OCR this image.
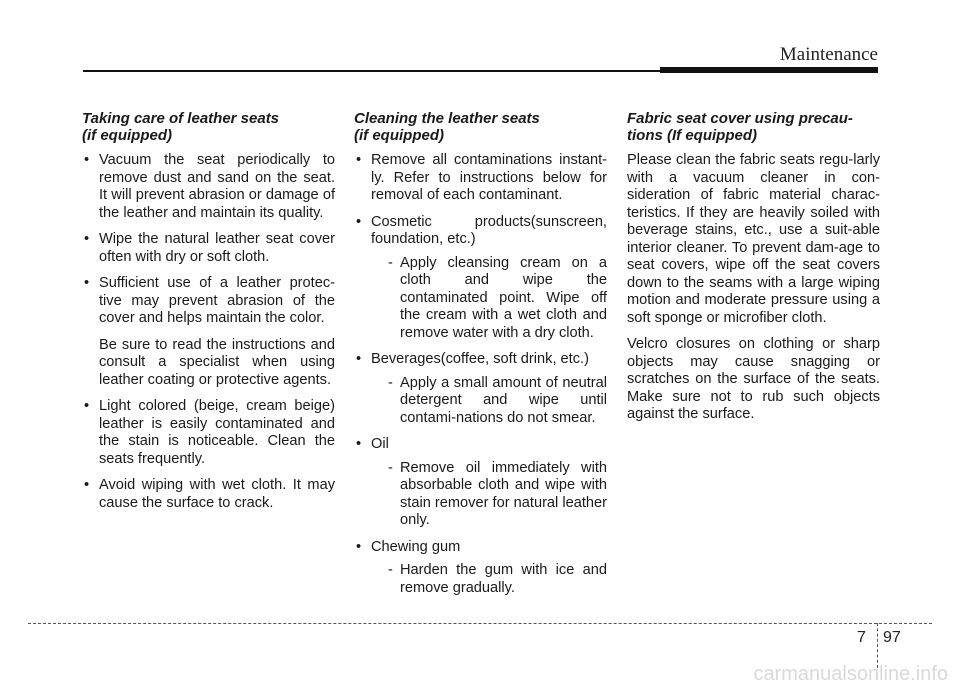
Maintenance
Taking care of leather seats
(if equipped)
• Vacuum the seat periodically to remove dust and sand on the seat. It will prevent abrasion or damage of the leather and maintain its quality.
• Wipe the natural leather seat cover often with dry or soft cloth.
• Sufficient use of a leather protec-tive may prevent abrasion of the cover and helps maintain the color.
Be sure to read the instructions and consult a specialist when using leather coating or protective agents.
• Light colored (beige, cream beige) leather is easily contaminated and the stain is noticeable. Clean the seats frequently.
• Avoid wiping with wet cloth. It may cause the surface to crack.
Cleaning the leather seats
(if equipped)
• Remove all contaminations instant-ly. Refer to instructions below for removal of each contaminant.
• Cosmetic products(sunscreen, foundation, etc.)
- Apply cleansing cream on a cloth and wipe the contaminated point. Wipe off the cream with a wet cloth and remove water with a dry cloth.
• Beverages(coffee, soft drink, etc.)
- Apply a small amount of neutral detergent and wipe until contami-nations do not smear.
• Oil
- Remove oil immediately with absorbable cloth and wipe with stain remover for natural leather only.
• Chewing gum
- Harden the gum with ice and remove gradually.
Fabric seat cover using precau-
tions (If equipped)

Please clean the fabric seats regu-larly with a vacuum cleaner in con-sideration of fabric material charac-teristics. If they are heavily soiled with beverage stains, etc., use a suit-able interior cleaner. To prevent dam-age to seat covers, wipe off the seat covers down to the seams with a large wiping motion and moderate pressure using a soft sponge or microfiber cloth.

Velcro closures on clothing or sharp objects may cause snagging or scratches on the surface of the seats. Make sure not to rub such objects against the surface.

7 97
carmanualsonline.info
